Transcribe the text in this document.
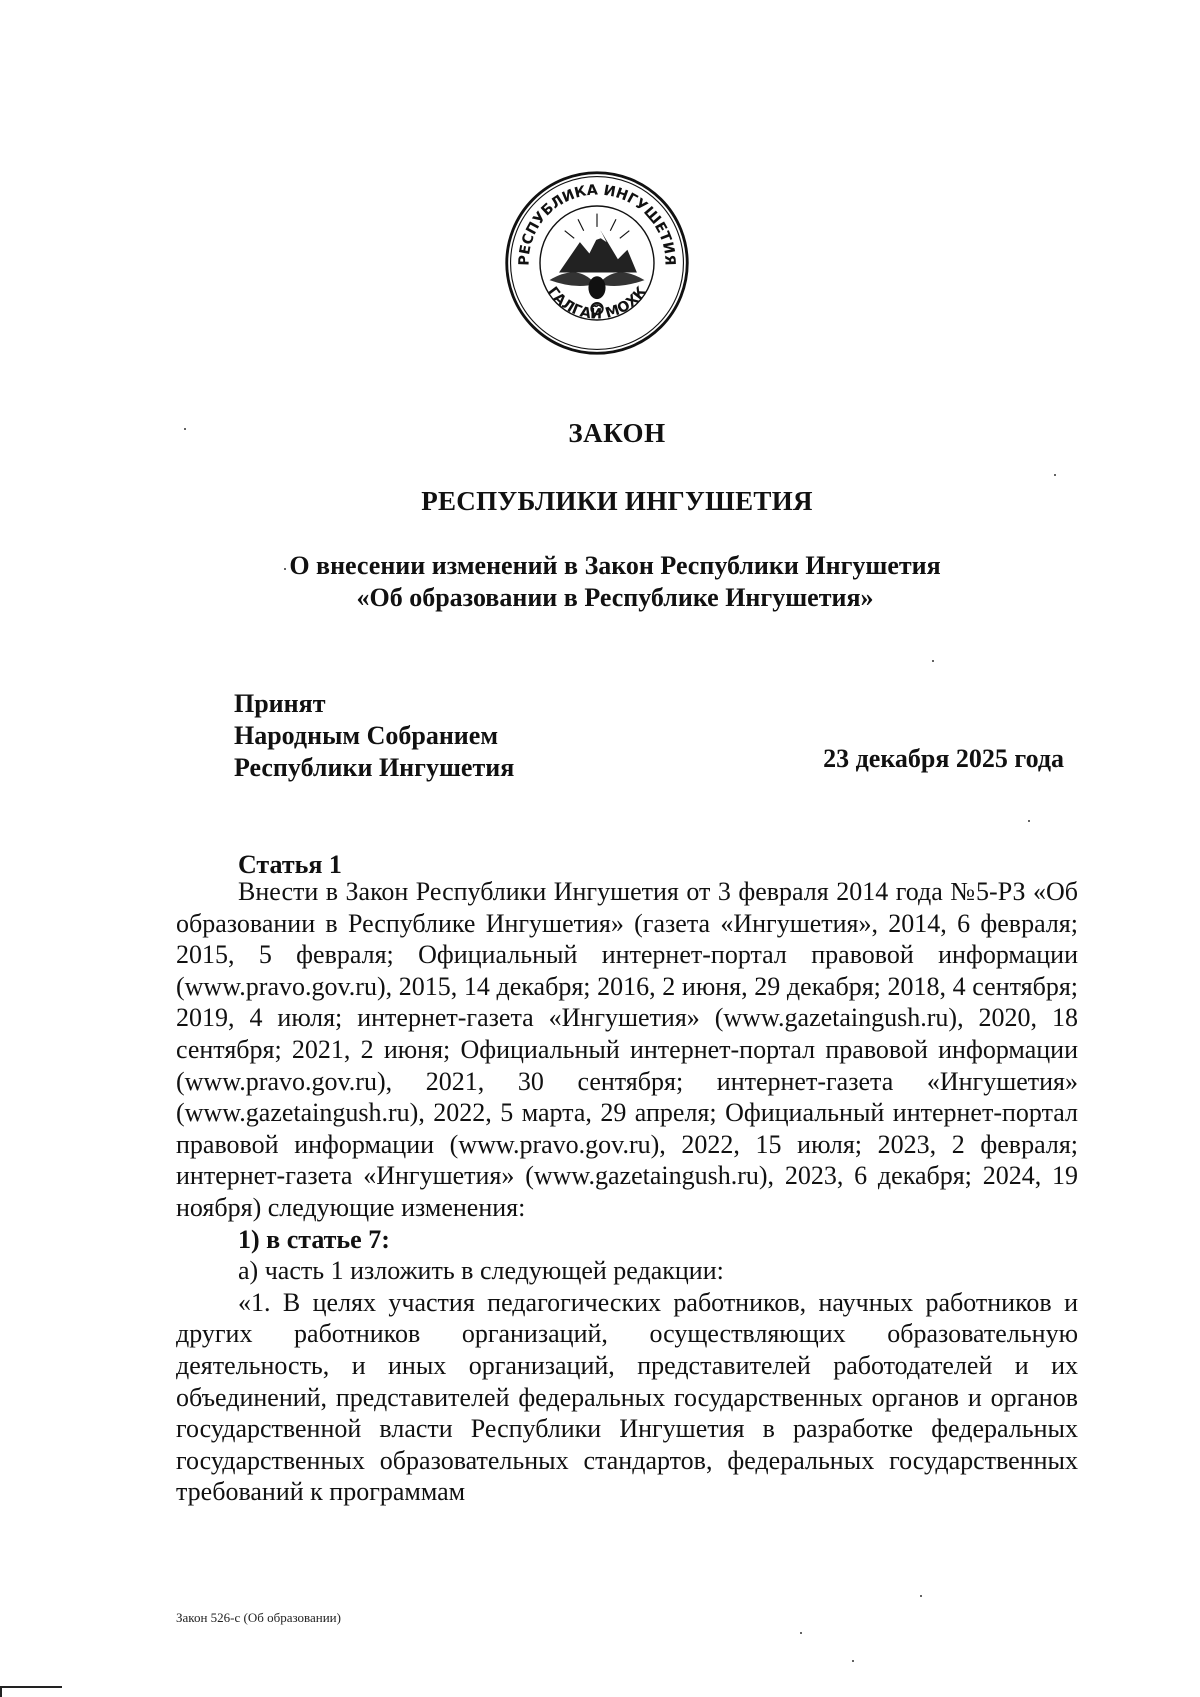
РЕСПУБЛИКА ИНГУШЕТИЯ
ГАЛГАЙ МОХК
ЗАКОН
РЕСПУБЛИКИ ИНГУШЕТИЯ
О внесении изменений в Закон Республики Ингушетия
«Об образовании в Республике Ингушетия»
Принят
Народным Собранием
Республики Ингушетия	23 декабря 2025 года
Статья 1

Внести в Закон Республики Ингушетия от 3 февраля 2014 года №5-РЗ «Об образовании в Республике Ингушетия» (газета «Ингушетия», 2014, 6 февраля; 2015, 5 февраля; Официальный интернет-портал правовой информации (www.pravo.gov.ru), 2015, 14 декабря; 2016, 2 июня, 29 декабря; 2018, 4 сентября; 2019, 4 июля; интернет-газета «Ингушетия» (www.gazetaingush.ru), 2020, 18 сентября; 2021, 2 июня; Официальный интернет-портал правовой информации (www.pravo.gov.ru), 2021, 30 сентября; интернет-газета «Ингушетия» (www.gazetaingush.ru), 2022, 5 марта, 29 апреля; Официальный интернет-портал правовой информации (www.pravo.gov.ru), 2022, 15 июля; 2023, 2 февраля; интернет-газета «Ингушетия» (www.gazetaingush.ru), 2023, 6 декабря; 2024, 19 ноября) следующие изменения:

1) в статье 7:

а) часть 1 изложить в следующей редакции:

«1. В целях участия педагогических работников, научных работников и других работников организаций, осуществляющих образовательную деятельность, и иных организаций, представителей работодателей и их объединений, представителей федеральных государственных органов и органов государственной власти Республики Ингушетия в разработке федеральных государственных образовательных стандартов, федеральных государственных требований к программам

Закон 526-с (Об образовании)
